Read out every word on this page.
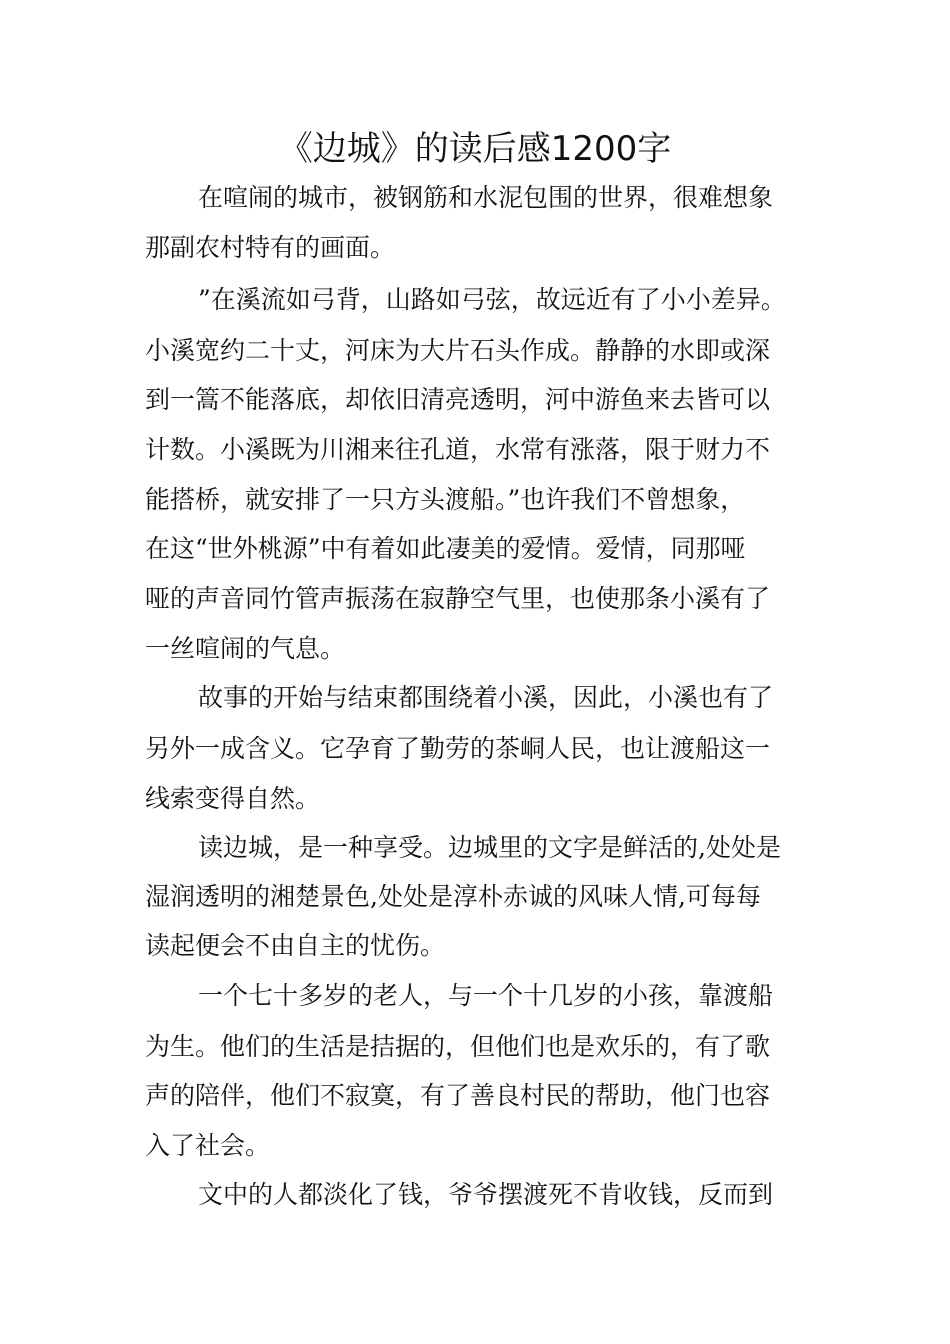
《边城》的读后感1200字
在喧闹的城市，被钢筋和水泥包围的世界，很难想象
那副农村特有的画面。
”在溪流如弓背，山路如弓弦，故远近有了小小差异。
小溪宽约二十丈，河床为大片石头作成。静静的水即或深
到一篙不能落底，却依旧清亮透明，河中游鱼来去皆可以
计数。小溪既为川湘来往孔道，水常有涨落，限于财力不
能搭桥，就安排了一只方头渡船。”也许我们不曾想象，
在这“世外桃源”中有着如此凄美的爱情。爱情，同那哑
哑的声音同竹管声振荡在寂静空气里，也使那条小溪有了
一丝喧闹的气息。
故事的开始与结束都围绕着小溪，因此，小溪也有了
另外一成含义。它孕育了勤劳的茶峒人民，也让渡船这一
线索变得自然。
读边城，是一种享受。边城里的文字是鲜活的,处处是
湿润透明的湘楚景色,处处是淳朴赤诚的风味人情,可每每
读起便会不由自主的忧伤。
一个七十多岁的老人，与一个十几岁的小孩，靠渡船
为生。他们的生活是拮据的，但他们也是欢乐的，有了歌
声的陪伴，他们不寂寞，有了善良村民的帮助，他门也容
入了社会。
文中的人都淡化了钱，爷爷摆渡死不肯收钱，反而到
